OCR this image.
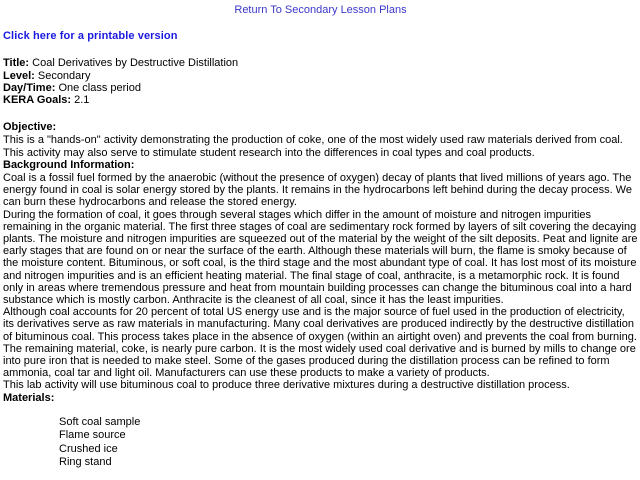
Return To Secondary Lesson Plans
Click here for a printable version
Title: Coal Derivatives by Destructive Distillation
Level: Secondary
Day/Time: One class period
KERA Goals: 2.1
Objective:

This is a "hands-on" activity demonstrating the production of coke, one of the most widely used raw materials derived from coal. This activity may also serve to stimulate student research into the differences in coal types and coal products.

Background Information:

Coal is a fossil fuel formed by the anaerobic (without the presence of oxygen) decay of plants that lived millions of years ago. The energy found in coal is solar energy stored by the plants. It remains in the hydrocarbons left behind during the decay process. We can burn these hydrocarbons and release the stored energy.

During the formation of coal, it goes through several stages which differ in the amount of moisture and nitrogen impurities remaining in the organic material. The first three stages of coal are sedimentary rock formed by layers of silt covering the decaying plants. The moisture and nitrogen impurities are squeezed out of the material by the weight of the silt deposits. Peat and lignite are early stages that are found on or near the surface of the earth. Although these materials will burn, the flame is smoky because of the moisture content. Bituminous, or soft coal, is the third stage and the most abundant type of coal. It has lost most of its moisture and nitrogen impurities and is an efficient heating material. The final stage of coal, anthracite, is a metamorphic rock. It is found only in areas where tremendous pressure and heat from mountain building processes can change the bituminous coal into a hard substance which is mostly carbon. Anthracite is the cleanest of all coal, since it has the least impurities.

Although coal accounts for 20 percent of total US energy use and is the major source of fuel used in the production of electricity, its derivatives serve as raw materials in manufacturing. Many coal derivatives are produced indirectly by the destructive distillation of bituminous coal. This process takes place in the absence of oxygen (within an airtight oven) and prevents the coal from burning. The remaining material, coke, is nearly pure carbon. It is the most widely used coal derivative and is burned by mills to change ore into pure iron that is needed to make steel. Some of the gases produced during the distillation process can be refined to form ammonia, coal tar and light oil. Manufacturers can use these products to make a variety of products.

This lab activity will use bituminous coal to produce three derivative mixtures during a destructive distillation process.

Materials:
Soft coal sample
Flame source
Crushed ice
Ring stand
